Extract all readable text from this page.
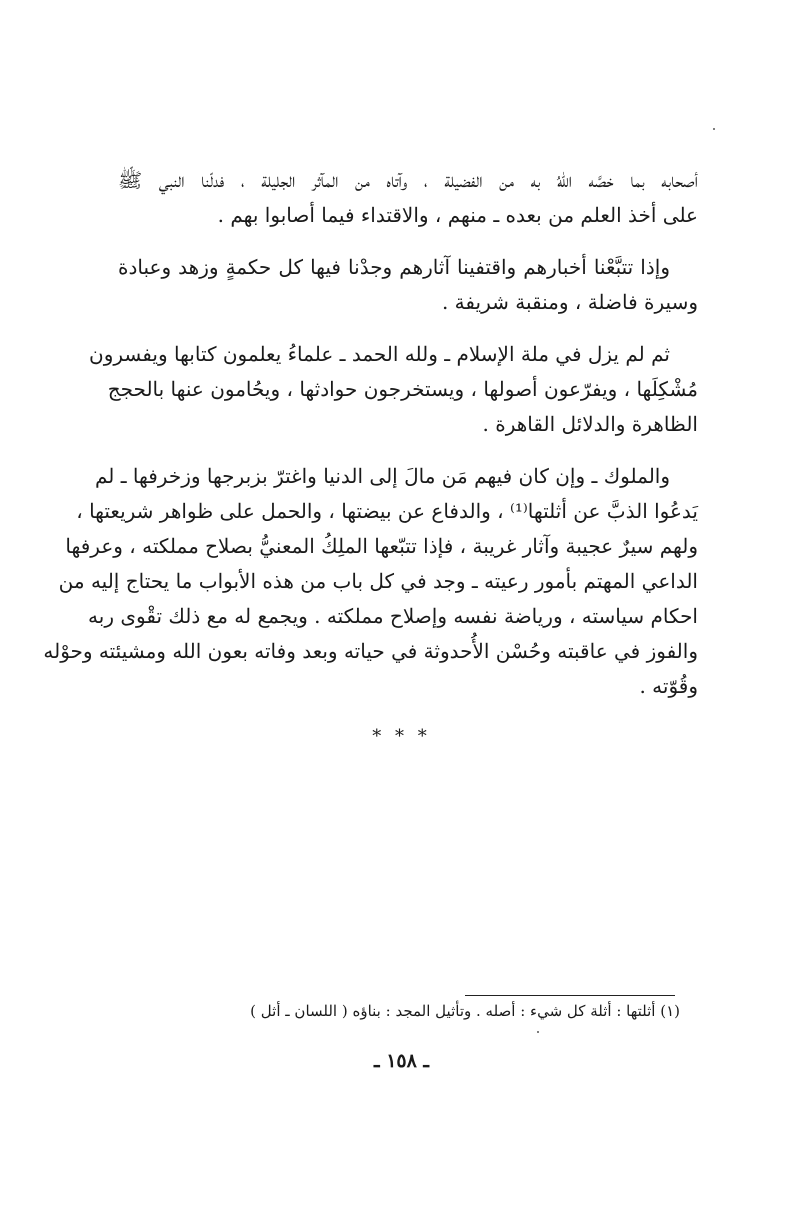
أصحابه بما خصَّه اللهُ به من الفضيلة ، وآتاه من المآثر الجليلة ، فدلّنا النبي ﷺ
على أخذ العلم من بعده ـ منهم ، والاقتداء فيما أصابوا بهم .
وإذا تتبَّعْنا أخبارهم واقتفينا آثارهم وجدْنا فيها كل حكمةٍ وزهد وعبادة
وسيرة فاضلة ، ومنقبة شريفة .
ثم لم يزل في ملة الإسلام ـ ولله الحمد ـ علماءُ يعلمون كتابها ويفسرون
مُشْكِلَها ، ويفرّعون أصولها ، ويستخرجون حوادثها ، ويحُامون عنها بالحجج
الظاهرة والدلائل القاهرة .
والملوك ـ وإن كان فيهم مَن مالَ إلى الدنيا واغترّ بزبرجها وزخرفها ـ لم
يَدعُوا الذبَّ عن أثلتها⁽¹⁾ ، والدفاع عن بيضتها ، والحمل على ظواهر شريعتها ،
ولهم سيرٌ عجيبة وآثار غريبة ، فإذا تتبّعها الملِكُ المعنيُّ بصلاح مملكته ، وعرفها
الداعي المهتم بأمور رعيته ـ وجد في كل باب من هذه الأبواب ما يحتاج إليه من
احكام سياسته ، ورياضة نفسه وإصلاح مملكته . ويجمع له مع ذلك تقْوى ربه
والفوز في عاقبته وحُسْن الأُحدوثة في حياته وبعد وفاته بعون الله ومشيئته وحوْله
وقُوّته .
* * *
(١) أثلتها : أثلة كل شيء : أصله . وتأثيل المجد : بناؤه ( اللسان ـ أثل )
ـ ١٥٨ ـ
